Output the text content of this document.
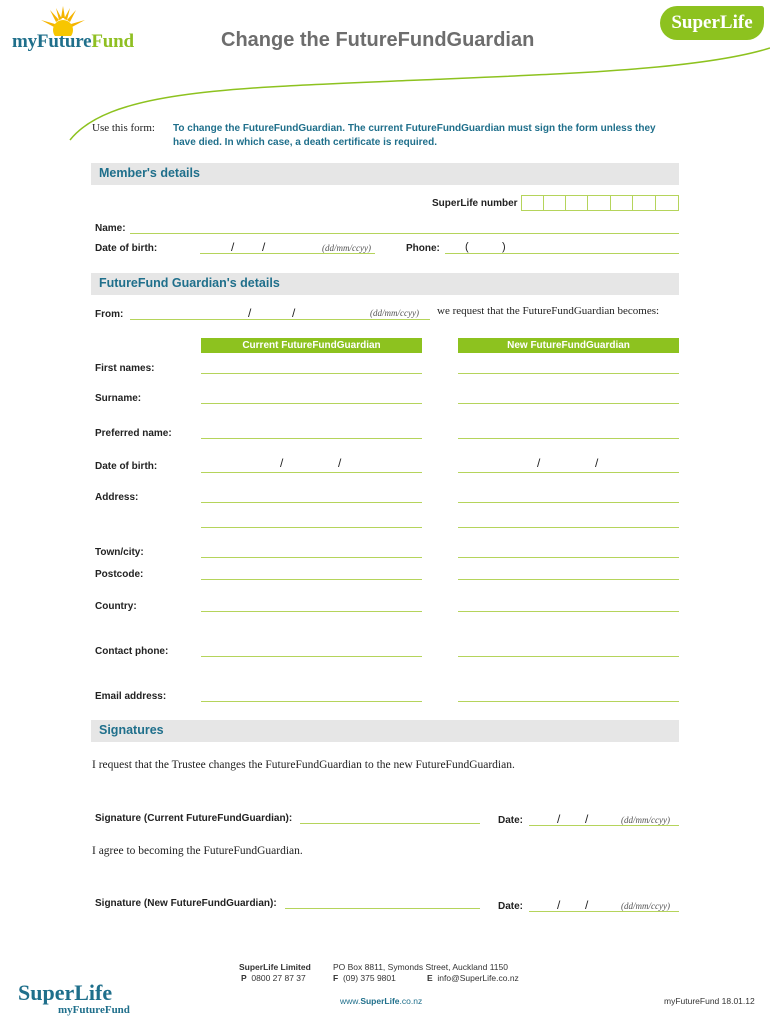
myFutureFund	Change the FutureFundGuardian
SuperLife
Use this form: To change the FutureFundGuardian. The current FutureFundGuardian must sign the form unless they
have died. In which case, a death certificate is required.
Member's details
SuperLife number
Name:
Date of birth:	/ /	(dd/mm/ccyy)	Phone: (	)
FutureFund Guardian's details
From:	/	/	(dd/mm/ccyy) we request that the FutureFundGuardian becomes:
Current FutureFundGuardian	New FutureFundGuardian
First names:
Surname:
Preferred name:
Date of birth:	/	/	/	/
Address:
Town/city:
Postcode:
Country:
Contact phone:
Email address:
Signatures
I request that the Trustee changes the FutureFundGuardian to the new FutureFundGuardian.
Signature (Current FutureFundGuardian):	Date:	/ /	(dd/mm/ccyy)
I agree to becoming the FutureFundGuardian.
Signature (New FutureFundGuardian):	Date:	/ /	(dd/mm/ccyy)
SuperLife Limited
P 0800 27 87 37
PO Box 8811, Symonds Street, Auckland 1150
F (09) 375 9801	E info@SuperLife.co.nz
www.SuperLife.co.nz
SuperLife
myFutureFund
myFutureFund 18.01.12
